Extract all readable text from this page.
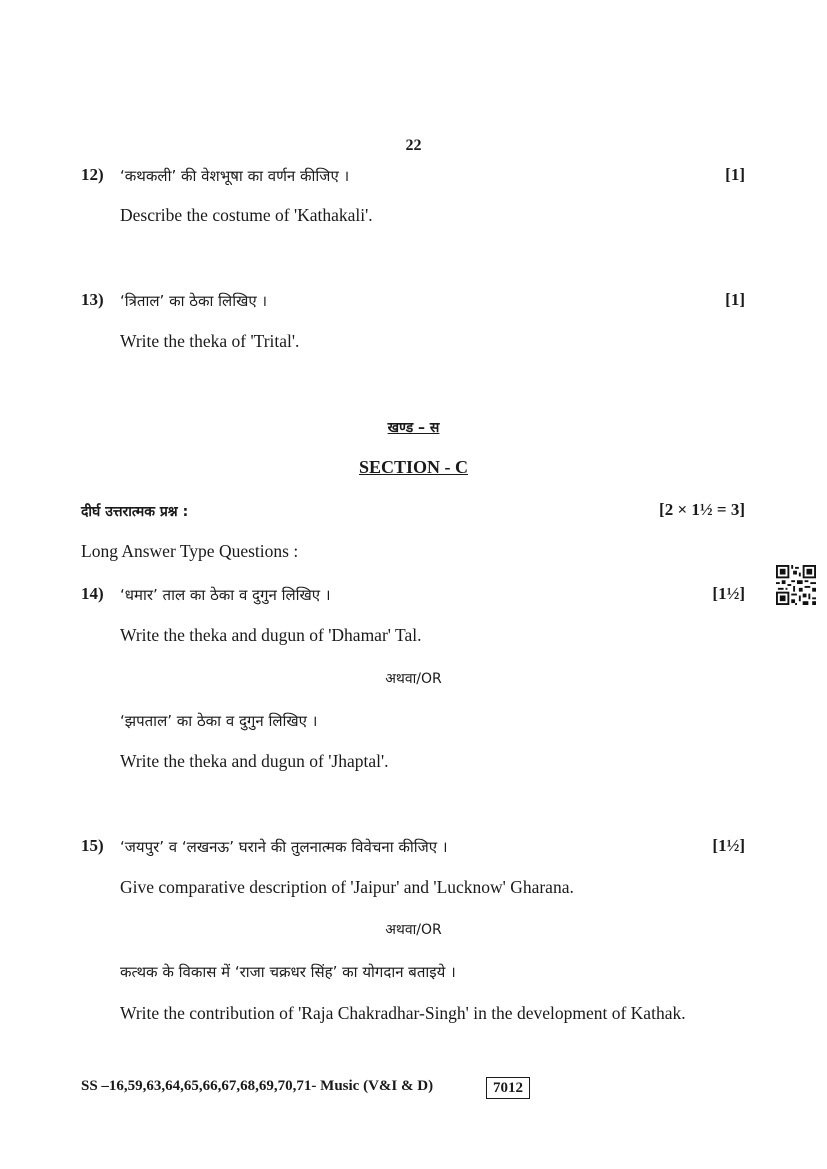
22
12) ‘कथकली’ की वेशभूषा का वर्णन कीजिए ।	[1]
Describe the costume of 'Kathakali'.
13) ‘त्रिताल’ का ठेका लिखिए ।	[1]
Write the theka of 'Trital'.
खण्ड – स
SECTION - C
दीर्घ उत्तरात्मक प्रश्न :	[2 × 1½ = 3]
Long Answer Type Questions :
14) ‘धमार’ ताल का ठेका व दुगुन लिखिए ।	[1½]
Write the theka and dugun of 'Dhamar' Tal.
अथवा/OR
‘झपताल’ का ठेका व दुगुन लिखिए ।
Write the theka and dugun of 'Jhaptal'.
15) ‘जयपुर’ व ‘लखनऊ’ घराने की तुलनात्मक विवेचना कीजिए ।	[1½]
Give comparative description of 'Jaipur' and 'Lucknow' Gharana.
अथवा/OR
कत्थक के विकास में ‘राजा चक्रधर सिंह’ का योगदान बताइये ।
Write the contribution of 'Raja Chakradhar-Singh' in the development of Kathak.
SS –16,59,63,64,65,66,67,68,69,70,71- Music (V&I & D)	7012
